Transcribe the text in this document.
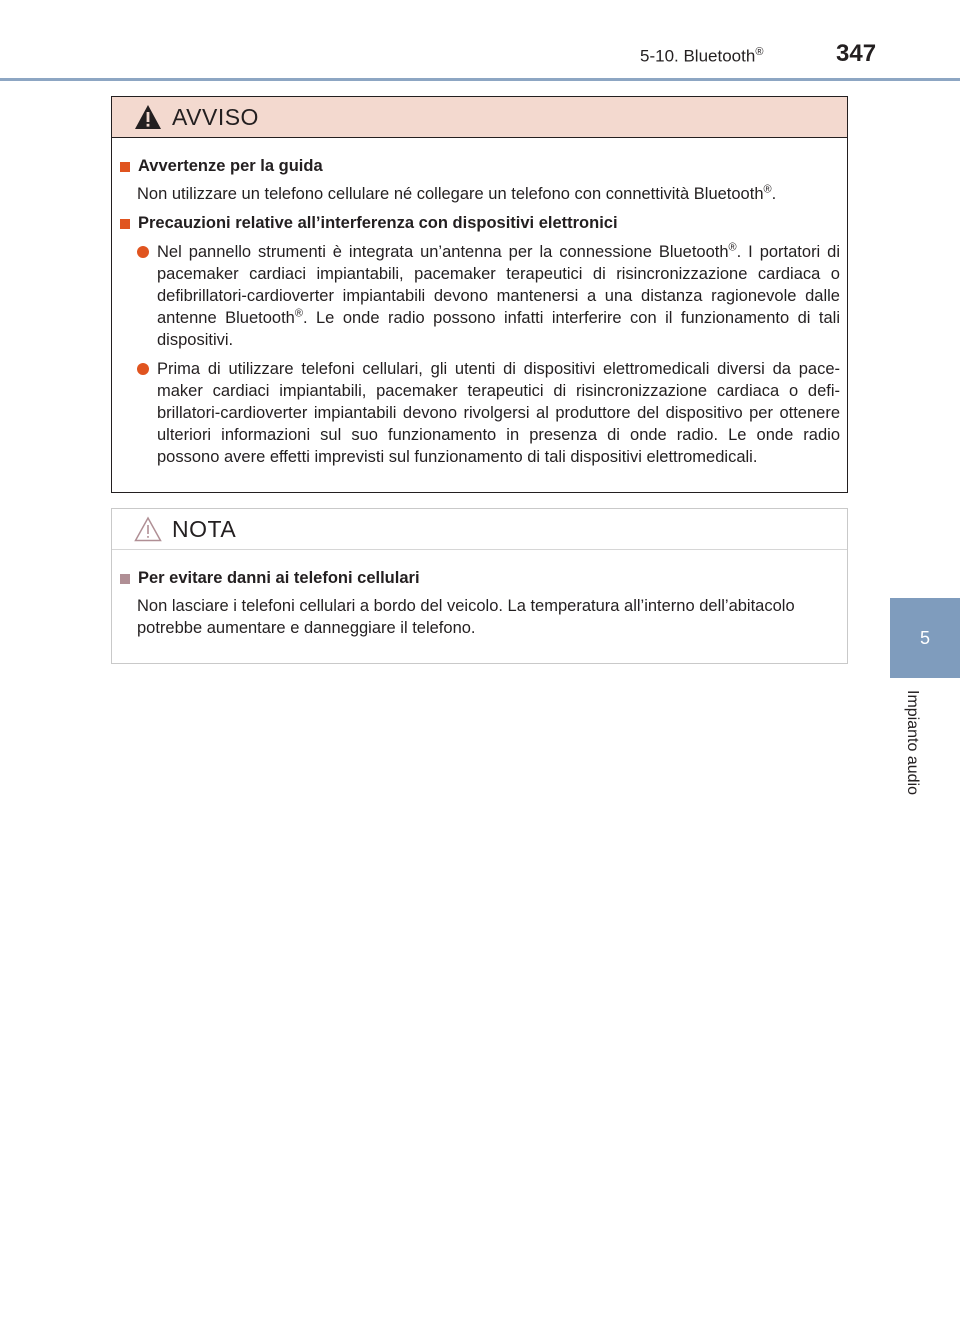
5-10. Bluetooth®	347
5
Impianto audio
AVVISO
Avvertenze per la guida
Non utilizzare un telefono cellulare né collegare un telefono con connettività Bluetooth®.
Precauzioni relative all’interferenza con dispositivi elettronici
Nel pannello strumenti è integrata un’antenna per la connessione Bluetooth®. I portatori di pacemaker cardiaci impiantabili, pacemaker terapeutici di risincronizzazione cardiaca o defibrillatori-cardioverter impiantabili devono mantenersi a una distanza ragionevole dalle antenne Bluetooth®. Le onde radio possono infatti interferire con il funzionamento di tali dispositivi.
Prima di utilizzare telefoni cellulari, gli utenti di dispositivi elettromedicali diversi da pace-maker cardiaci impiantabili, pacemaker terapeutici di risincronizzazione cardiaca o defi-brillatori-cardioverter impiantabili devono rivolgersi al produttore del dispositivo per ottenere ulteriori informazioni sul suo funzionamento in presenza di onde radio. Le onde radio possono avere effetti imprevisti sul funzionamento di tali dispositivi elettromedicali.
NOTA
Per evitare danni ai telefoni cellulari
Non lasciare i telefoni cellulari a bordo del veicolo. La temperatura all’interno dell’abitacolo potrebbe aumentare e danneggiare il telefono.
